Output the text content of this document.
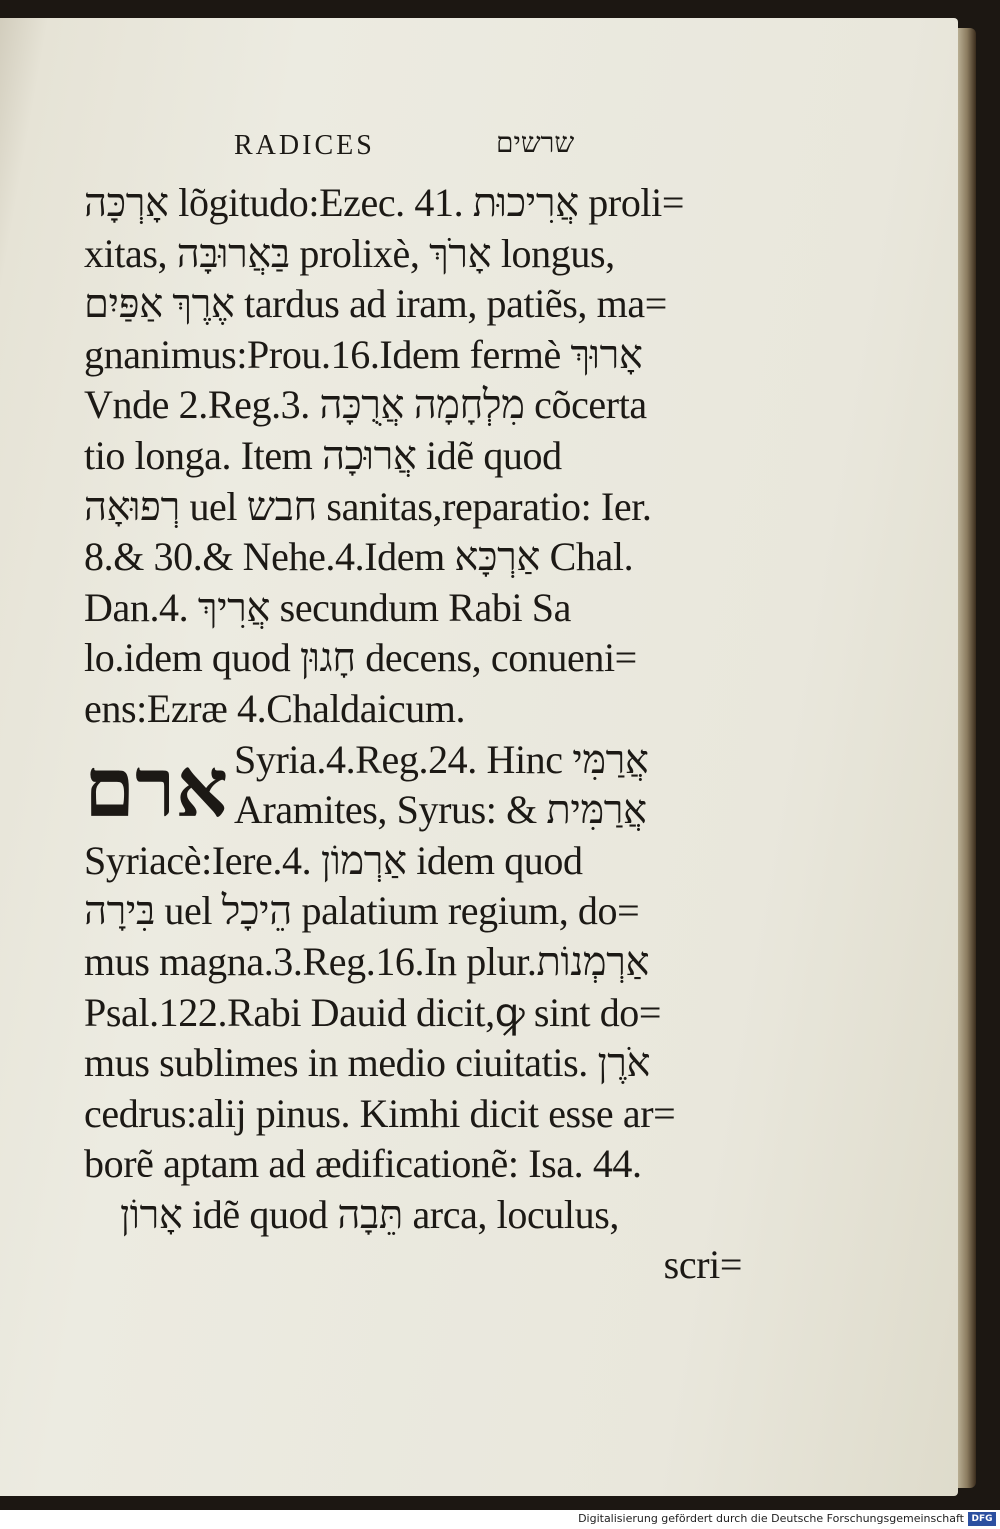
RADICES	שרשים
אָרְכָּה lõgitudo:Ezec. 41. אֲרִיכוּת proli=
xitas, בַּאֲרוּבָּה prolixè, אָרֹךְ longus,
אֶרֶךְ אַפַּיִם tardus ad iram, patiẽs, ma=
gnanimus:Prou.16.Idem fermè אָרוּךְ
Vnde 2.Reg.3. מִלְחָמָה אֲרֻכָּה cõcerta
tio longa. Item אֲרוּכָה idẽ quod
רְפוּאָה uel חבש sanitas,reparatio: Ier.
8.& 30.& Nehe.4.Idem אַרְכָּא Chal.
Dan.4. אֲרִיךְ secundum Rabi Sa
lo.idem quod חָגוּן decens, conueni=
ens:Ezræ 4.Chaldaicum.
ארם Syria.4.Reg.24. Hinc אֲרַמִּי
Aramites, Syrus: & אֲרַמִּית
Syriacè:Iere.4. אַרְמוֹן idem quod
בִּירָה uel הֵיכָל palatium regium, do=
mus magna.3.Reg.16.In plur.אַרְמְנוֹת
Psal.122.Rabi Dauid dicit,ꝙ sint do=
mus sublimes in medio ciuitatis. אֹרֶן
cedrus:alij pinus. Kimhi dicit esse ar=
borẽ aptam ad ædificationẽ: Isa. 44.
אָרוֹן idẽ quod תֵּבָה arca, loculus,
scri=
Digitalisierung gefördert durch die Deutsche Forschungsgemeinschaft DFG
